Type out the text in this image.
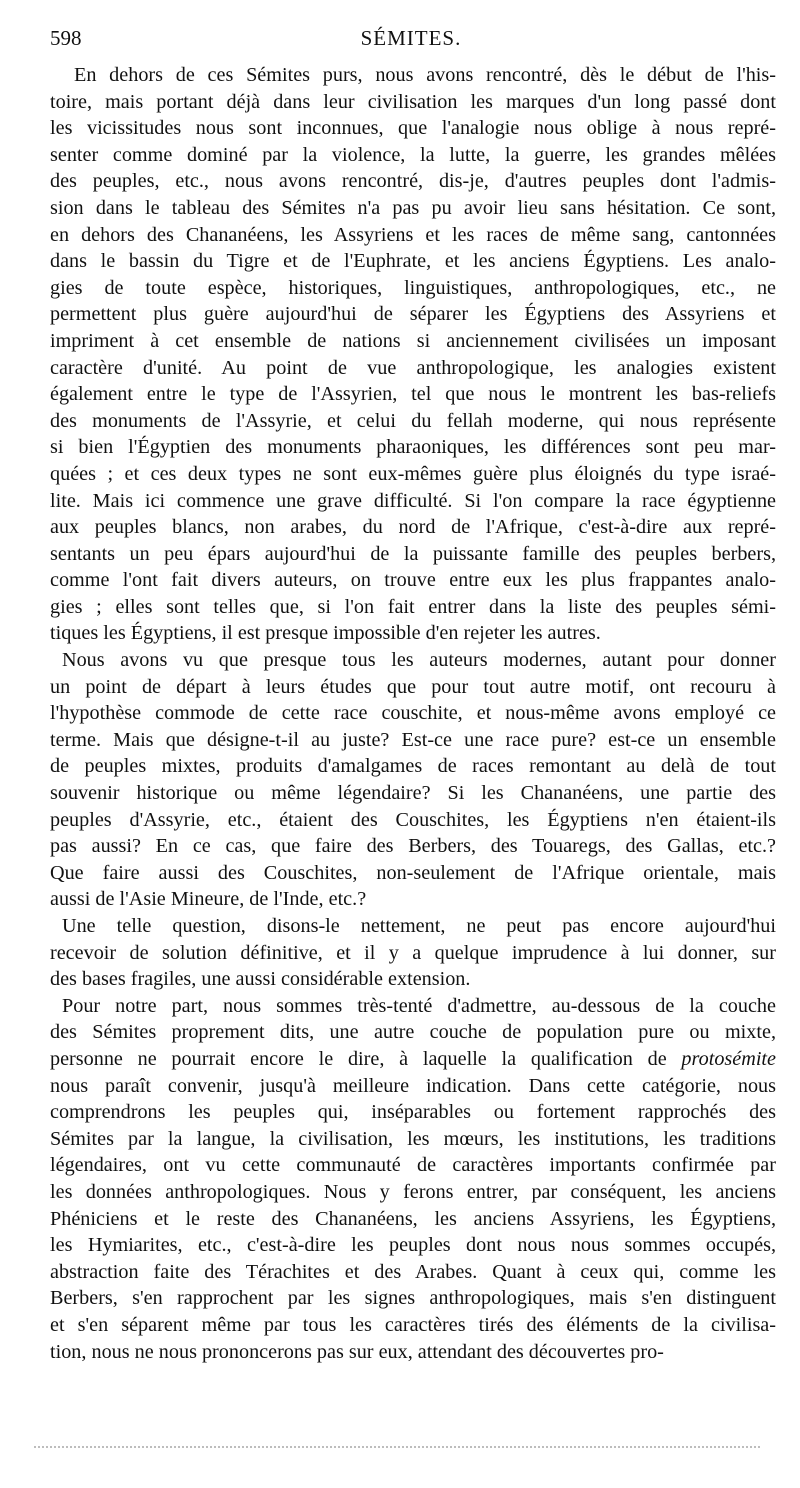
598	SÉMITES.
En dehors de ces Sémites purs, nous avons rencontré, dès le début de l'his-
toire, mais portant déjà dans leur civilisation les marques d'un long passé dont
les vicissitudes nous sont inconnues, que l'analogie nous oblige à nous repré-
senter comme dominé par la violence, la lutte, la guerre, les grandes mêlées
des peuples, etc., nous avons rencontré, dis-je, d'autres peuples dont l'admis-
sion dans le tableau des Sémites n'a pas pu avoir lieu sans hésitation. Ce sont,
en dehors des Chananéens, les Assyriens et les races de même sang, cantonnées
dans le bassin du Tigre et de l'Euphrate, et les anciens Égyptiens. Les analo-
gies de toute espèce, historiques, linguistiques, anthropologiques, etc., ne
permettent plus guère aujourd'hui de séparer les Égyptiens des Assyriens et
impriment à cet ensemble de nations si anciennement civilisées un imposant
caractère d'unité. Au point de vue anthropologique, les analogies existent
également entre le type de l'Assyrien, tel que nous le montrent les bas-reliefs
des monuments de l'Assyrie, et celui du fellah moderne, qui nous représente
si bien l'Égyptien des monuments pharaoniques, les différences sont peu mar-
quées ; et ces deux types ne sont eux-mêmes guère plus éloignés du type israé-
lite. Mais ici commence une grave difficulté. Si l'on compare la race égyptienne
aux peuples blancs, non arabes, du nord de l'Afrique, c'est-à-dire aux repré-
sentants un peu épars aujourd'hui de la puissante famille des peuples berbers,
comme l'ont fait divers auteurs, on trouve entre eux les plus frappantes analo-
gies ; elles sont telles que, si l'on fait entrer dans la liste des peuples sémi-
tiques les Égyptiens, il est presque impossible d'en rejeter les autres.
Nous avons vu que presque tous les auteurs modernes, autant pour donner
un point de départ à leurs études que pour tout autre motif, ont recouru à
l'hypothèse commode de cette race couschite, et nous-même avons employé ce
terme. Mais que désigne-t-il au juste? Est-ce une race pure? est-ce un ensemble
de peuples mixtes, produits d'amalgames de races remontant au delà de tout
souvenir historique ou même légendaire? Si les Chananéens, une partie des
peuples d'Assyrie, etc., étaient des Couschites, les Égyptiens n'en étaient-ils
pas aussi? En ce cas, que faire des Berbers, des Touaregs, des Gallas, etc.?
Que faire aussi des Couschites, non-seulement de l'Afrique orientale, mais
aussi de l'Asie Mineure, de l'Inde, etc.?
Une telle question, disons-le nettement, ne peut pas encore aujourd'hui
recevoir de solution définitive, et il y a quelque imprudence à lui donner, sur
des bases fragiles, une aussi considérable extension.
Pour notre part, nous sommes très-tenté d'admettre, au-dessous de la couche
des Sémites proprement dits, une autre couche de population pure ou mixte,
personne ne pourrait encore le dire, à laquelle la qualification de protosémite
nous paraît convenir, jusqu'à meilleure indication. Dans cette catégorie, nous
comprendrons les peuples qui, inséparables ou fortement rapprochés des
Sémites par la langue, la civilisation, les mœurs, les institutions, les traditions
légendaires, ont vu cette communauté de caractères importants confirmée par
les données anthropologiques. Nous y ferons entrer, par conséquent, les anciens
Phéniciens et le reste des Chananéens, les anciens Assyriens, les Égyptiens,
les Hymiarites, etc., c'est-à-dire les peuples dont nous nous sommes occupés,
abstraction faite des Térachites et des Arabes. Quant à ceux qui, comme les
Berbers, s'en rapprochent par les signes anthropologiques, mais s'en distinguent
et s'en séparent même par tous les caractères tirés des éléments de la civilisa-
tion, nous ne nous prononcerons pas sur eux, attendant des découvertes pro-
